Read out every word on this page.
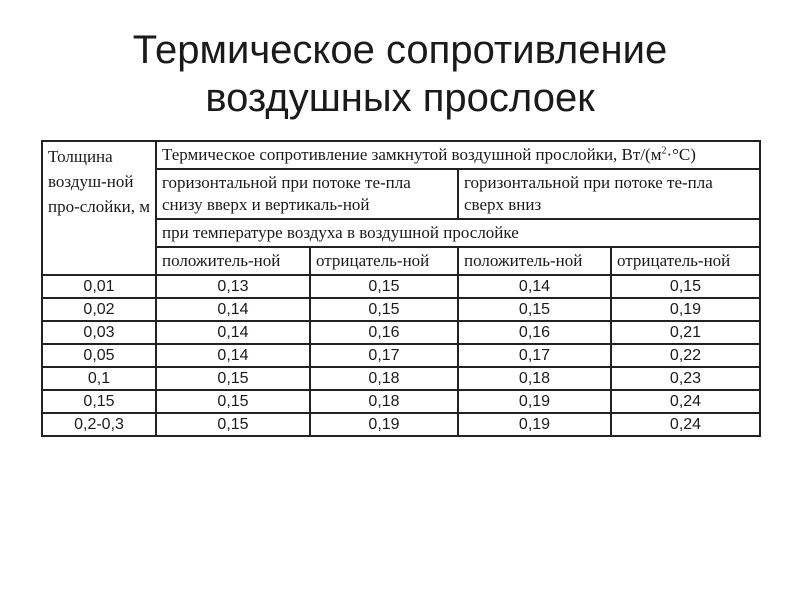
Термическое сопротивление
воздушных прослоек
Толщина воздуш-ной про-слойки, м	Термическое сопротивление замкнутой воздушной прослойки, $Вт/(м^2\cdot^\circ С)$			
	горизонтальной при потоке те-пла снизу вверх и вертикаль-ной		горизонтальной при потоке те-пла сверх вниз	
	при температуре воздуха в воздушной прослойке			
	положитель-ной	отрицатель-ной	положитель-ной	отрицатель-ной
0,01	0,13	0,15	0,14	0,15
0,02	0,14	0,15	0,15	0,19
0,03	0,14	0,16	0,16	0,21
0,05	0,14	0,17	0,17	0,22
0,1	0,15	0,18	0,18	0,23
0,15	0,15	0,18	0,19	0,24
0,2-0,3	0,15	0,19	0,19	0,24
